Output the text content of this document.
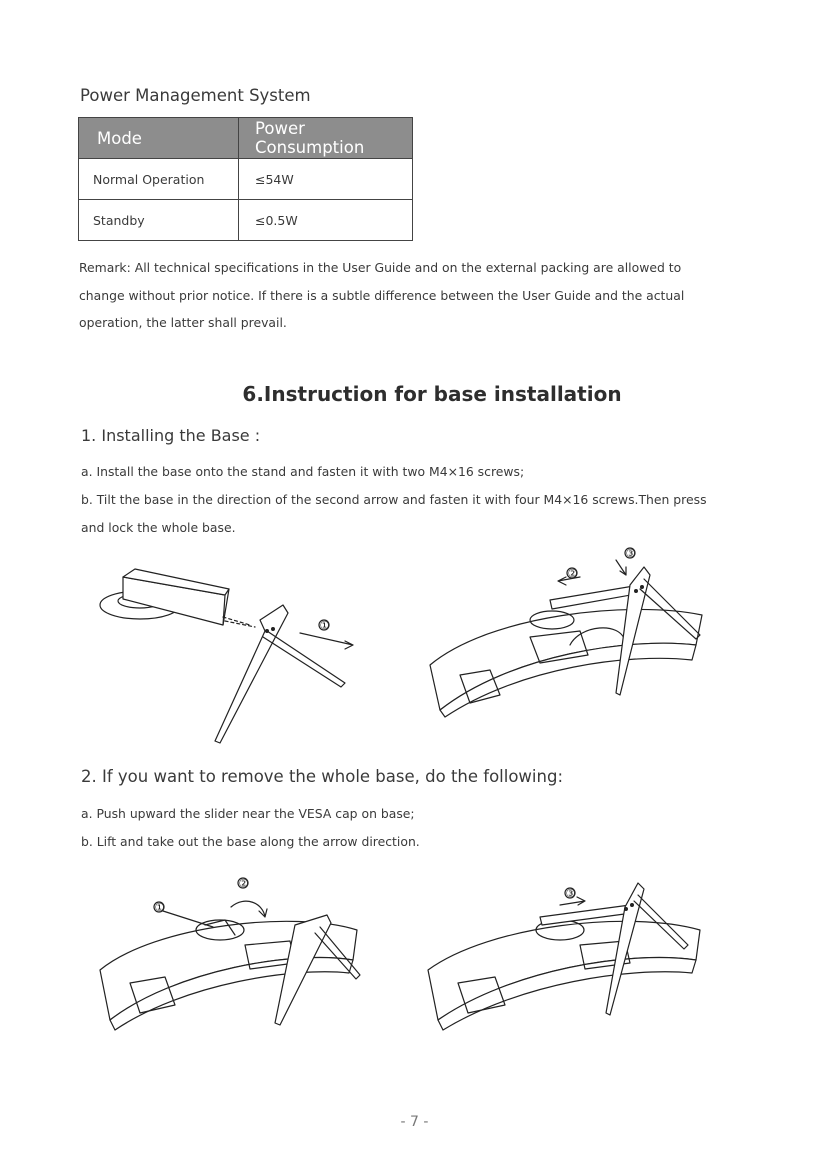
Power Management System
Mode	Power Consumption
Normal Operation	≤54W
Standby	≤0.5W
Remark: All technical specifications in the User Guide and on the external packing are allowed to change without prior notice. If there is a subtle difference between the User Guide and the actual operation, the latter shall prevail.
6.Instruction for base installation
1. Installing the Base :
a. Install the base onto the stand and fasten it with two M4×16 screws;
b. Tilt the base in the direction of the second arrow and fasten it with four M4×16 screws.Then press and lock the whole base.
①
②
③
2. If you want to remove the whole base, do the following:
a. Push upward the slider near the VESA cap on base;
b. Lift and take out the base along the arrow direction.
①
②
③
- 7 -
